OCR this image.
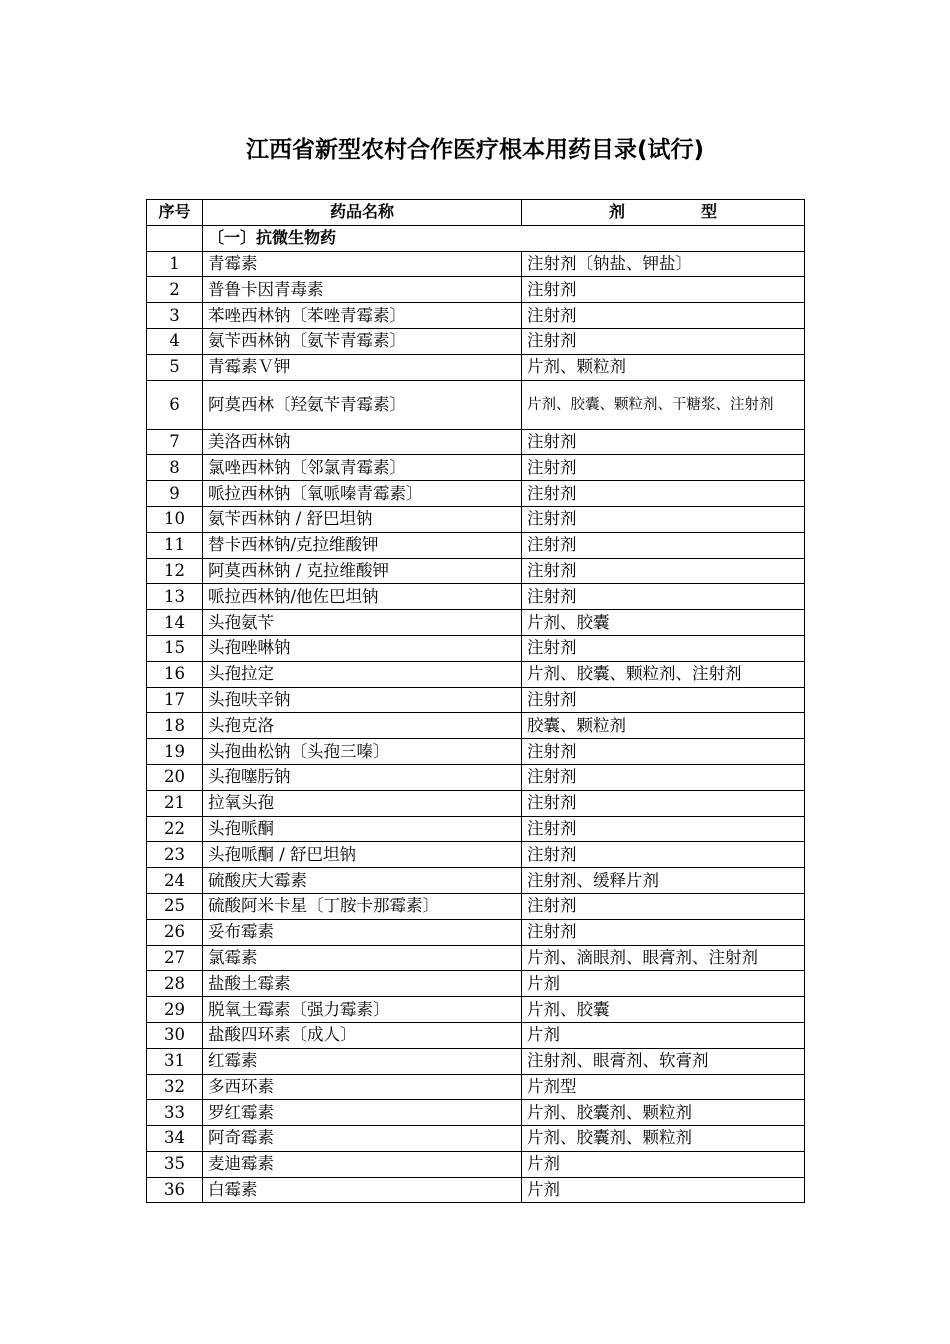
江西省新型农村合作医疗根本用药目录(试行)
序号	药品名称	剂 型
	〔一〕抗微生物药	
1	青霉素	注射剂〔钠盐、钾盐〕
2	普鲁卡因青毒素	注射剂
3	苯唑西林钠〔苯唑青霉素〕	注射剂
4	氨苄西林钠〔氨苄青霉素〕	注射剂
5	青霉素Ｖ钾	片剂、颗粒剂
6	阿莫西林〔羟氨苄青霉素〕	片剂、胶囊、颗粒剂、干糖浆、注射剂
7	美洛西林钠	注射剂
8	氯唑西林钠〔邻氯青霉素〕	注射剂
9	哌拉西林钠〔氧哌嗪青霉素〕	注射剂
10	氨苄西林钠 / 舒巴坦钠	注射剂
11	替卡西林钠/克拉维酸钾	注射剂
12	阿莫西林钠 / 克拉维酸钾	注射剂
13	哌拉西林钠/他佐巴坦钠	注射剂
14	头孢氨苄	片剂、胶囊
15	头孢唑啉钠	注射剂
16	头孢拉定	片剂、胶囊、颗粒剂、注射剂
17	头孢呋辛钠	注射剂
18	头孢克洛	胶囊、颗粒剂
19	头孢曲松钠〔头孢三嗪〕	注射剂
20	头孢噻肟钠	注射剂
21	拉氧头孢	注射剂
22	头孢哌酮	注射剂
23	头孢哌酮 / 舒巴坦钠	注射剂
24	硫酸庆大霉素	注射剂、缓释片剂
25	硫酸阿米卡星〔丁胺卡那霉素〕	注射剂
26	妥布霉素	注射剂
27	氯霉素	片剂、滴眼剂、眼膏剂、注射剂
28	盐酸土霉素	片剂
29	脱氧土霉素〔强力霉素〕	片剂、胶囊
30	盐酸四环素〔成人〕	片剂
31	红霉素	注射剂、眼膏剂、软膏剂
32	多西环素	片剂型
33	罗红霉素	片剂、胶囊剂、颗粒剂
34	阿奇霉素	片剂、胶囊剂、颗粒剂
35	麦迪霉素	片剂
36	白霉素	片剂
